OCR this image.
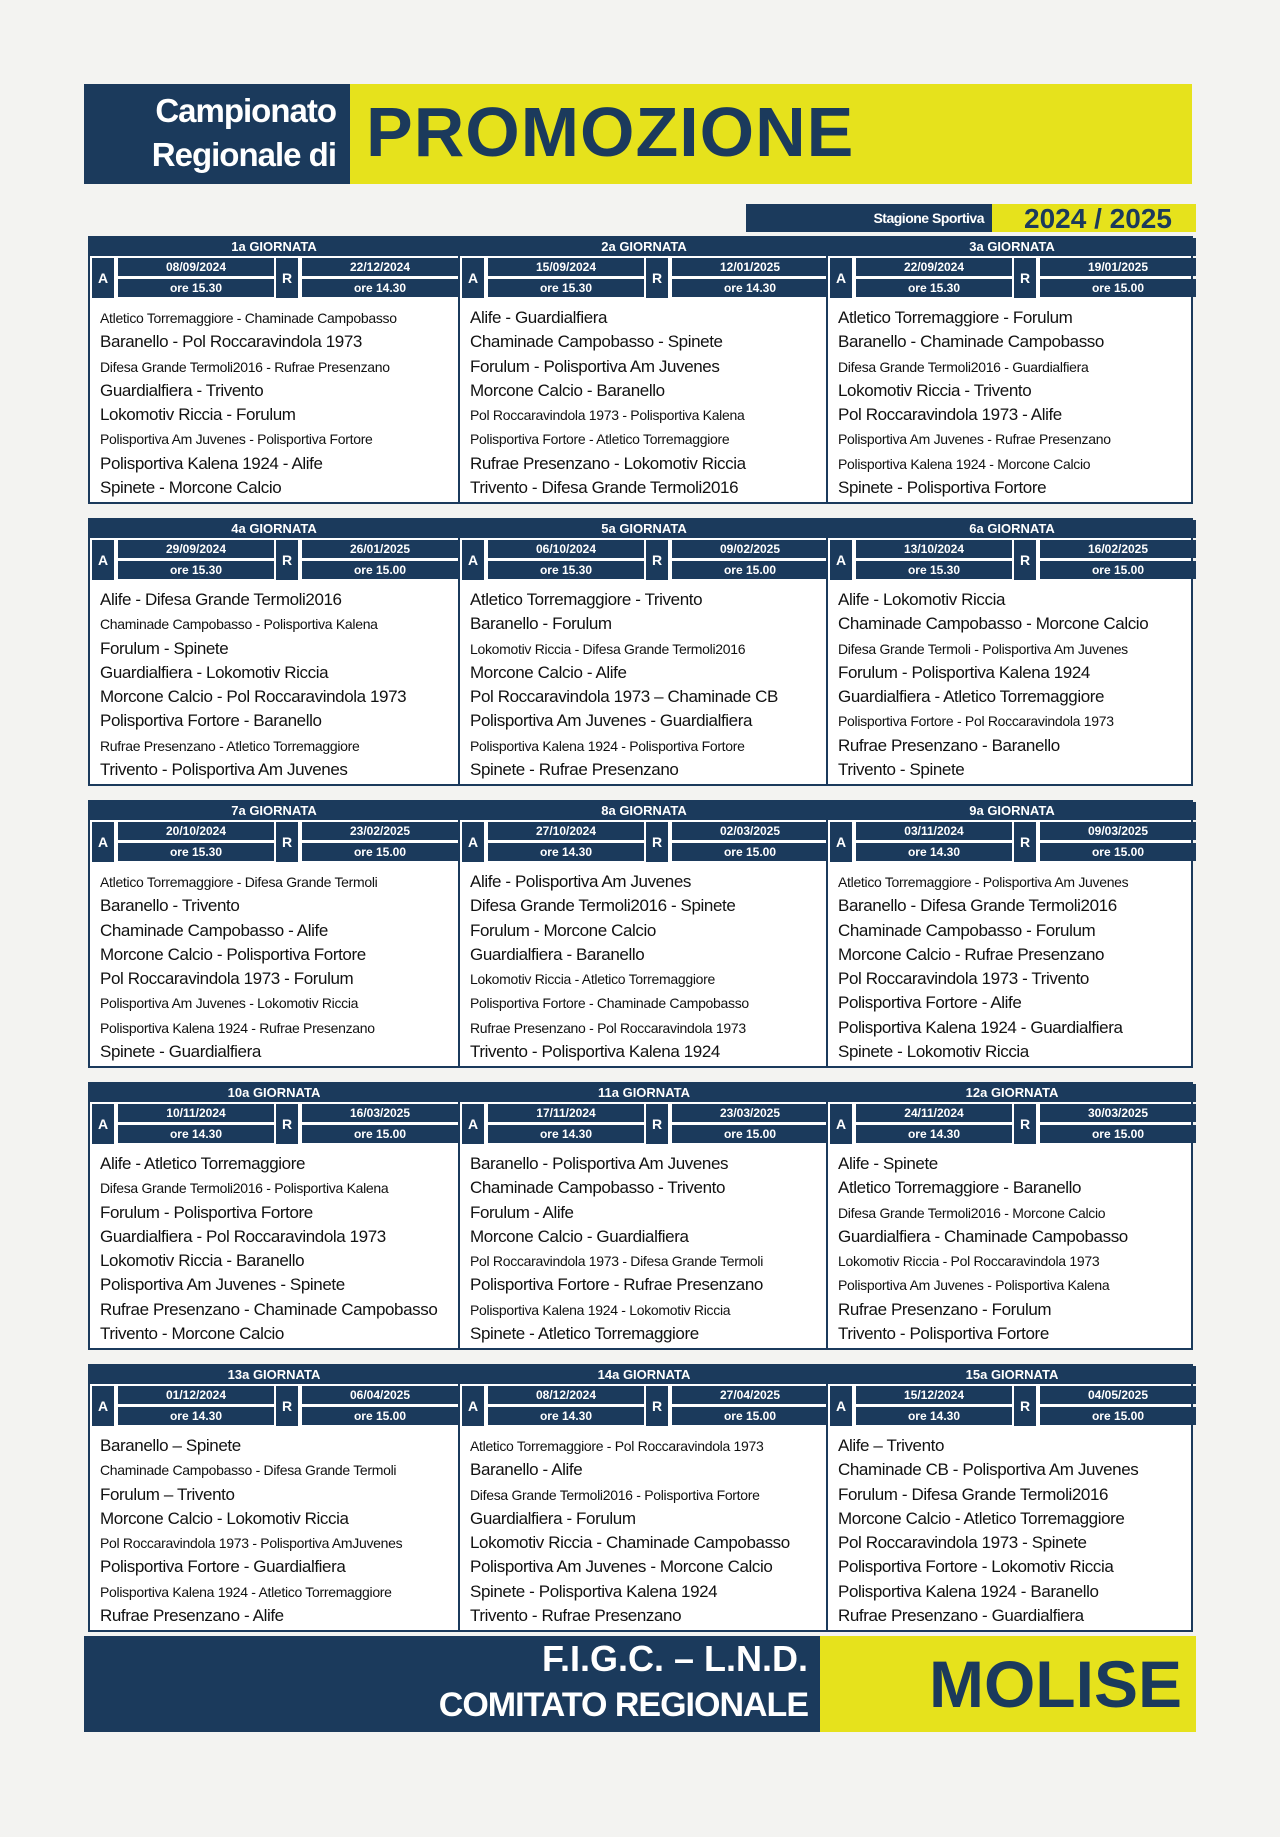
Campionato
Regionale di PROMOZIONE
Stagione Sportiva 2024 / 2025
1a GIORNATA
A
08/09/2024
ore 15.30
R
22/12/2024
ore 14.30
Atletico Torremaggiore - Chaminade Campobasso
Baranello - Pol Roccaravindola 1973
Difesa Grande Termoli2016 - Rufrae Presenzano
Guardialfiera - Trivento
Lokomotiv Riccia - Forulum
Polisportiva Am Juvenes - Polisportiva Fortore
Polisportiva Kalena 1924 - Alife
Spinete - Morcone Calcio
2a GIORNATA
A
15/09/2024
ore 15.30
R
12/01/2025
ore 14.30
Alife - Guardialfiera
Chaminade Campobasso - Spinete
Forulum - Polisportiva Am Juvenes
Morcone Calcio - Baranello
Pol Roccaravindola 1973 - Polisportiva Kalena
Polisportiva Fortore - Atletico Torremaggiore
Rufrae Presenzano - Lokomotiv Riccia
Trivento - Difesa Grande Termoli2016
3a GIORNATA
A
22/09/2024
ore 15.30
R
19/01/2025
ore 15.00
Atletico Torremaggiore - Forulum
Baranello - Chaminade Campobasso
Difesa Grande Termoli2016 - Guardialfiera
Lokomotiv Riccia - Trivento
Pol Roccaravindola 1973 - Alife
Polisportiva Am Juvenes - Rufrae Presenzano
Polisportiva Kalena 1924 - Morcone Calcio
Spinete - Polisportiva Fortore
4a GIORNATA
A
29/09/2024
ore 15.30
R
26/01/2025
ore 15.00
Alife - Difesa Grande Termoli2016
Chaminade Campobasso - Polisportiva Kalena
Forulum - Spinete
Guardialfiera - Lokomotiv Riccia
Morcone Calcio - Pol Roccaravindola 1973
Polisportiva Fortore - Baranello
Rufrae Presenzano - Atletico Torremaggiore
Trivento - Polisportiva Am Juvenes
5a GIORNATA
A
06/10/2024
ore 15.30
R
09/02/2025
ore 15.00
Atletico Torremaggiore - Trivento
Baranello - Forulum
Lokomotiv Riccia - Difesa Grande Termoli2016
Morcone Calcio - Alife
Pol Roccaravindola 1973 – Chaminade CB
Polisportiva Am Juvenes - Guardialfiera
Polisportiva Kalena 1924 - Polisportiva Fortore
Spinete - Rufrae Presenzano
6a GIORNATA
A
13/10/2024
ore 15.30
R
16/02/2025
ore 15.00
Alife - Lokomotiv Riccia
Chaminade Campobasso - Morcone Calcio
Difesa Grande Termoli - Polisportiva Am Juvenes
Forulum - Polisportiva Kalena 1924
Guardialfiera - Atletico Torremaggiore
Polisportiva Fortore - Pol Roccaravindola 1973
Rufrae Presenzano - Baranello
Trivento - Spinete
7a GIORNATA
A
20/10/2024
ore 15.30
R
23/02/2025
ore 15.00
Atletico Torremaggiore - Difesa Grande Termoli
Baranello - Trivento
Chaminade Campobasso - Alife
Morcone Calcio - Polisportiva Fortore
Pol Roccaravindola 1973 - Forulum
Polisportiva Am Juvenes - Lokomotiv Riccia
Polisportiva Kalena 1924 - Rufrae Presenzano
Spinete - Guardialfiera
8a GIORNATA
A
27/10/2024
ore 14.30
R
02/03/2025
ore 15.00
Alife - Polisportiva Am Juvenes
Difesa Grande Termoli2016 - Spinete
Forulum - Morcone Calcio
Guardialfiera - Baranello
Lokomotiv Riccia - Atletico Torremaggiore
Polisportiva Fortore - Chaminade Campobasso
Rufrae Presenzano - Pol Roccaravindola 1973
Trivento - Polisportiva Kalena 1924
9a GIORNATA
A
03/11/2024
ore 14.30
R
09/03/2025
ore 15.00
Atletico Torremaggiore - Polisportiva Am Juvenes
Baranello - Difesa Grande Termoli2016
Chaminade Campobasso - Forulum
Morcone Calcio - Rufrae Presenzano
Pol Roccaravindola 1973 - Trivento
Polisportiva Fortore - Alife
Polisportiva Kalena 1924 - Guardialfiera
Spinete - Lokomotiv Riccia
10a GIORNATA
A
10/11/2024
ore 14.30
R
16/03/2025
ore 15.00
Alife - Atletico Torremaggiore
Difesa Grande Termoli2016 - Polisportiva Kalena
Forulum - Polisportiva Fortore
Guardialfiera - Pol Roccaravindola 1973
Lokomotiv Riccia - Baranello
Polisportiva Am Juvenes - Spinete
Rufrae Presenzano - Chaminade Campobasso
Trivento - Morcone Calcio
11a GIORNATA
A
17/11/2024
ore 14.30
R
23/03/2025
ore 15.00
Baranello - Polisportiva Am Juvenes
Chaminade Campobasso - Trivento
Forulum - Alife
Morcone Calcio - Guardialfiera
Pol Roccaravindola 1973 - Difesa Grande Termoli
Polisportiva Fortore - Rufrae Presenzano
Polisportiva Kalena 1924 - Lokomotiv Riccia
Spinete - Atletico Torremaggiore
12a GIORNATA
A
24/11/2024
ore 14.30
R
30/03/2025
ore 15.00
Alife - Spinete
Atletico Torremaggiore - Baranello
Difesa Grande Termoli2016 - Morcone Calcio
Guardialfiera - Chaminade Campobasso
Lokomotiv Riccia - Pol Roccaravindola 1973
Polisportiva Am Juvenes - Polisportiva Kalena
Rufrae Presenzano - Forulum
Trivento - Polisportiva Fortore
13a GIORNATA
A
01/12/2024
ore 14.30
R
06/04/2025
ore 15.00
Baranello – Spinete
Chaminade Campobasso - Difesa Grande Termoli
Forulum – Trivento
Morcone Calcio - Lokomotiv Riccia
Pol Roccaravindola 1973 - Polisportiva AmJuvenes
Polisportiva Fortore - Guardialfiera
Polisportiva Kalena 1924 - Atletico Torremaggiore
Rufrae Presenzano - Alife
14a GIORNATA
A
08/12/2024
ore 14.30
R
27/04/2025
ore 15.00
Atletico Torremaggiore - Pol Roccaravindola 1973
Baranello - Alife
Difesa Grande Termoli2016 - Polisportiva Fortore
Guardialfiera - Forulum
Lokomotiv Riccia - Chaminade Campobasso
Polisportiva Am Juvenes - Morcone Calcio
Spinete - Polisportiva Kalena 1924
Trivento - Rufrae Presenzano
15a GIORNATA
A
15/12/2024
ore 14.30
R
04/05/2025
ore 15.00
Alife – Trivento
Chaminade CB - Polisportiva Am Juvenes
Forulum - Difesa Grande Termoli2016
Morcone Calcio - Atletico Torremaggiore
Pol Roccaravindola 1973 - Spinete
Polisportiva Fortore - Lokomotiv Riccia
Polisportiva Kalena 1924 - Baranello
Rufrae Presenzano - Guardialfiera
F.I.G.C. – L.N.D.
COMITATO REGIONALE MOLISE
